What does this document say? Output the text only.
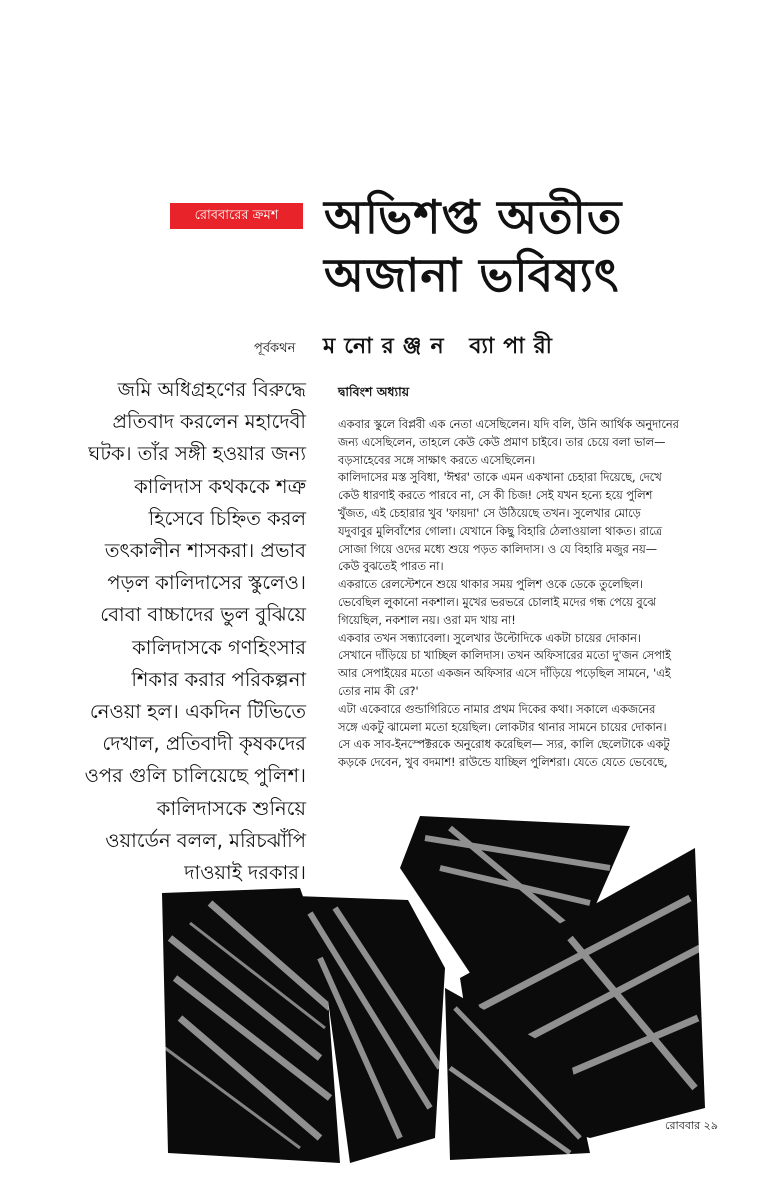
রোববারের ক্রমশ অভিশপ্ত অতীত
অজানা ভবিষ্যৎ
পূর্বকথন মনোরঞ্জন ব্যাপারী
জমি অধিগ্রহণের বিরুদ্ধে
প্রতিবাদ করলেন মহাদেবী
ঘটক। তাঁর সঙ্গী হওয়ার জন্য
কালিদাস কথককে শত্রু
হিসেবে চিহ্নিত করল
তৎকালীন শাসকরা। প্রভাব
পড়ল কালিদাসের স্কুলেও।
বোবা বাচ্চাদের ভুল বুঝিয়ে
কালিদাসকে গণহিংসার
শিকার করার পরিকল্পনা
নেওয়া হল। একদিন টিভিতে
দেখাল, প্রতিবাদী কৃষকদের
ওপর গুলি চালিয়েছে পুলিশ।
কালিদাসকে শুনিয়ে
ওয়ার্ডেন বলল, মরিচঝাঁপি
দাওয়াই দরকার।
দ্বাবিংশ অধ্যায়
একবার স্কুলে বিপ্লবী এক নেতা এসেছিলেন। যদি বলি, উনি আর্থিক অনুদানের
জন্য এসেছিলেন, তাহলে কেউ কেউ প্রমাণ চাইবে। তার চেয়ে বলা ভাল—
বড়সাহেবের সঙ্গে সাক্ষাৎ করতে এসেছিলেন।
কালিদাসের মস্ত সুবিধা, 'ঈশ্বর' তাকে এমন একখানা চেহারা দিয়েছে, দেখে
কেউ ধারণাই করতে পারবে না, সে কী চিজ! সেই যখন হন্যে হয়ে পুলিশ
খুঁজত, এই চেহারার খুব 'ফায়দা' সে উঠিয়েছে তখন। সুলেখার মোড়ে
যদুবাবুর মুলিবাঁশের গোলা। যেখানে কিছু বিহারি ঠেলাওয়ালা থাকত। রাত্রে
সোজা গিয়ে ওদের মধ্যে শুয়ে পড়ত কালিদাস। ও যে বিহারি মজুর নয়—
কেউ বুঝতেই পারত না।
একরাতে রেলস্টেশনে শুয়ে থাকার সময় পুলিশ ওকে ডেকে তুলেছিল।
ভেবেছিল লুকানো নকশাল। মুখের ভরভরে চোলাই মদের গন্ধ পেয়ে বুঝে
গিয়েছিল, নকশাল নয়। ওরা মদ খায় না!
একবার তখন সন্ধ্যাবেলা। সুলেখার উল্টোদিকে একটা চায়ের দোকান।
সেখানে দাঁড়িয়ে চা খাচ্ছিল কালিদাস। তখন অফিসারের মতো দু'জন সেপাই
আর সেপাইয়ের মতো একজন অফিসার এসে দাঁড়িয়ে পড়েছিল সামনে, 'এই
তোর নাম কী রে?'
এটা একেবারে গুন্ডাগিরিতে নামার প্রথম দিকের কথা। সকালে একজনের
সঙ্গে একটু ঝামেলা মতো হয়েছিল। লোকটার থানার সামনে চায়ের দোকান।
সে এক সাব-ইনস্পেক্টরকে অনুরোধ করেছিল— স্যর, কালি ছেলেটাকে একটু
কড়কে দেবেন, খুব বদমাশ! রাউন্ডে যাচ্ছিল পুলিশরা। যেতে যেতে ভেবেছে,
রোববার ২৯
